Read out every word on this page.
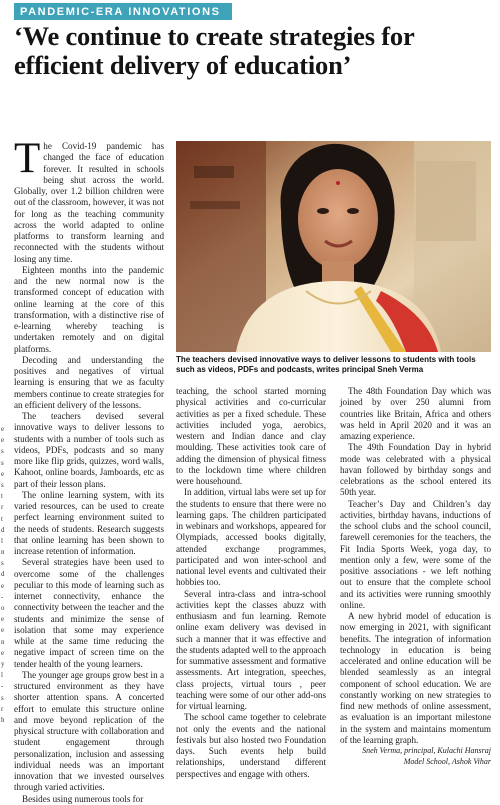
PANDEMIC-ERA INNOVATIONS
‘We continue to create strategies for efficient delivery of education’
e
e
s
s
e
s
t
r
t
d
l
n
s
d
e
-
o
e
e
n
e
y
l
-
s
r
h

The Covid-19 pandemic has changed the face of education forever. It resulted in schools being shut across the world. Globally, over 1.2 billion children were out of the classroom, however, it was not for long as the teaching community across the world adapted to online platforms to transform learning and reconnected with the students without losing any time.

Eighteen months into the pandemic and the new normal now is the transformed concept of education with online learning at the core of this transformation, with a distinctive rise of e-learning whereby teaching is undertaken remotely and on digital platforms.

Decoding and understanding the positives and negatives of virtual learning is ensuring that we as faculty members continue to create strategies for an efficient delivery of the lessons.

The teachers devised several innovative ways to deliver lessons to students with a number of tools such as videos, PDFs, podcasts and so many more like flip grids, quizzes, word walls, Kahoot, online boards, Jamboards, etc as part of their lesson plans.

The online learning system, with its varied resources, can be used to create perfect learning environment suited to the needs of students. Research suggests that online learning has been shown to increase retention of information.

Several strategies have been used to overcome some of the challenges peculiar to this mode of learning such as internet connectivity, enhance the connectivity between the teacher and the students and minimize the sense of isolation that some may experience while at the same time reducing the negative impact of screen time on the tender health of the young learners.

The younger age groups grow best in a structured environment as they have shorter attention spans. A concerted effort to emulate this structure online and move beyond replication of the physical structure with collaboration and student engagement through personalization, inclusion and assessing individual needs was an important innovation that we invested ourselves through varied activities.

Besides using numerous tools for

The teachers devised innovative ways to deliver lessons to students with tools such as videos, PDFs and podcasts, writes principal Sneh Verma

teaching, the school started morning physical activities and co-curricular activities as per a fixed schedule. These activities included yoga, aerobics, western and Indian dance and clay moulding. These activities took care of adding the dimension of physical fitness to the lockdown time where children were househound.

In addition, virtual labs were set up for the students to ensure that there were no learning gaps. The children participated in webinars and workshops, appeared for Olympiads, accessed books digitally, attended exchange programmes, participated and won inter-school and national level events and cultivated their hobbies too.

Several intra-class and intra-school activities kept the classes abuzz with enthusiasm and fun learning. Remote online exam delivery was devised in such a manner that it was effective and the students adapted well to the approach for summative assessment and formative assessments. Art integration, speeches, class projects, virtual tours , peer teaching were some of our other add-ons for virtual learning.

The school came together to celebrate not only the events and the national festivals but also hosted two Foundation days. Such events help build relationships, understand different perspectives and engage with others.

The 48th Foundation Day which was joined by over 250 alumni from countries like Britain, Africa and others was held in April 2020 and it was an amazing experience.

The 49th Foundation Day in hybrid mode was celebrated with a physical havan followed by birthday songs and celebrations as the school entered its 50th year.

Teacher’s Day and Children’s day activities, birthday havans, inductions of the school clubs and the school council, farewell ceremonies for the teachers, the Fit India Sports Week, yoga day, to mention only a few, were some of the positive associations - we left nothing out to ensure that the complete school and its activities were running smoothly online.

A new hybrid model of education is now emerging in 2021, with significant benefits. The integration of information technology in education is being accelerated and online education will be blended seamlessly as an integral component of school education. We are constantly working on new strategies to find new methods of online assessment, as evaluation is an important milestone in the system and maintains momentum of the learning graph.

Sneh Verma, principal, Kulachi Hansraj
Model School, Ashok Vihar
